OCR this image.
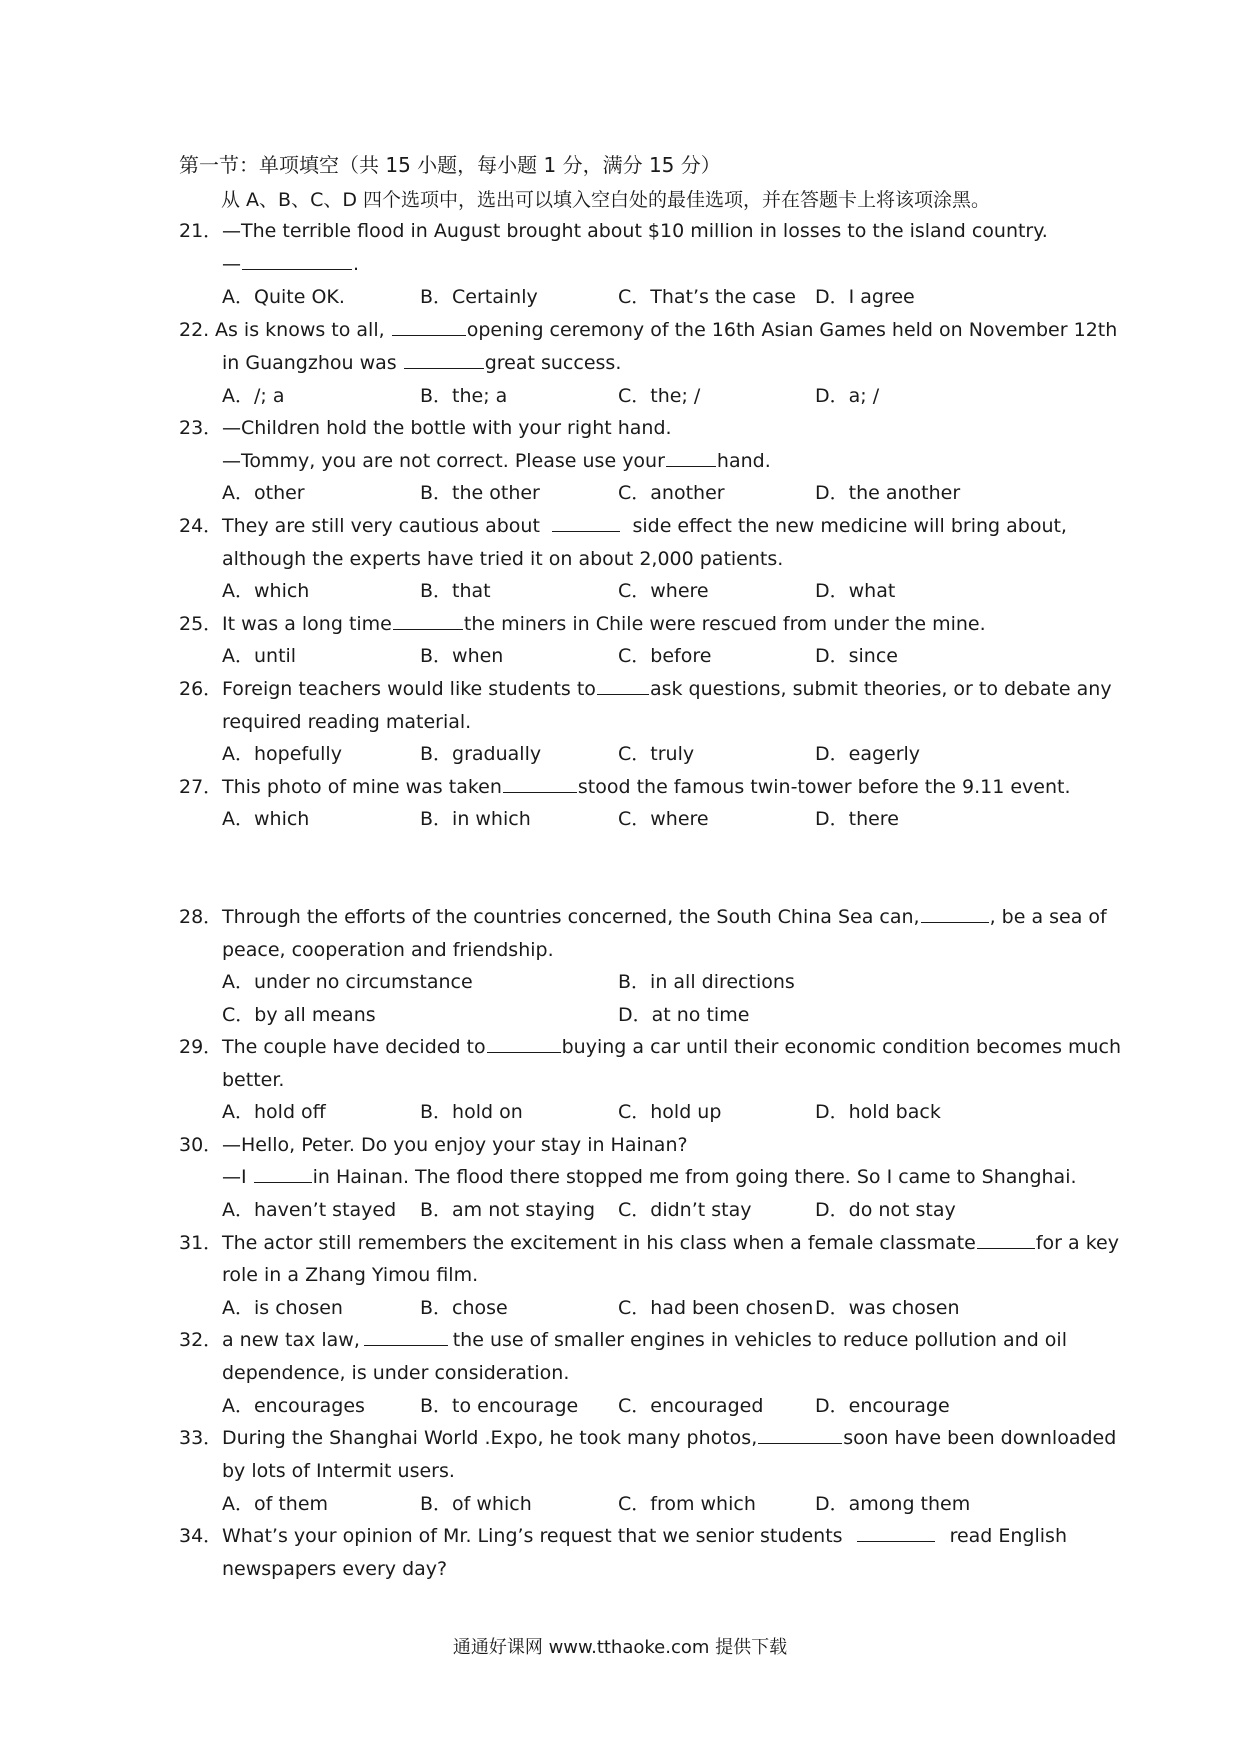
第一节：单项填空（共 15 小题，每小题 1 分，满分 15 分）
从 A、B、C、D 四个选项中，选出可以填入空白处的最佳选项，并在答题卡上将该项涂黑。
21． —The terrible flood in August brought about $10 million in losses to the island country.
—	.
A．Quite OK.	B．Certainly	C．That’s the case D．I agree
22. As is knows to all,	opening ceremony of the 16th Asian Games held on November 12th
in Guangzhou was	great success.
A．/; a	B．the; a	C．the; /	D．a; /
23． —Children hold the bottle with your right hand.
—Tommy, you are not correct. Please use your	hand.
A．other	B．the other	C．another	D．the another
24． They are still very cautious about	side effect the new medicine will bring about,
although the experts have tried it on about 2,000 patients.
A．which	B．that	C．where	D．what
25． It was a long time	the miners in Chile were rescued from under the mine.
A．until	B．when	C．before	D．since
26． Foreign teachers would like students to	ask questions, submit theories, or to debate any
required reading material.
A．hopefully	B．gradually	C．truly	D．eagerly
27． This photo of mine was taken	stood the famous twin-tower before the 9.11 event.
A．which	B．in which	C．where	D．there
28． Through the efforts of the countries concerned, the South China Sea can,	, be a sea of
peace, cooperation and friendship.
A．under no circumstance	B．in all directions
C．by all means	D．at no time
29． The couple have decided to	buying a car until their economic condition becomes much
better.
A．hold off	B．hold on	C．hold up	D．hold back
30． —Hello, Peter. Do you enjoy your stay in Hainan?
—I	in Hainan. The flood there stopped me from going there. So I came to Shanghai.
A．haven’t stayed B．am not staying C．didn’t stay	D．do not stay
31． The actor still remembers the excitement in his class when a female classmate	for a key
role in a Zhang Yimou film.
A．is chosen	B．chose	C．had been chosen D．was chosen
32． a new tax law,	the use of smaller engines in vehicles to reduce pollution and oil
dependence, is under consideration.
A．encourages	B．to encourage C．encouraged	D．encourage
33． During the Shanghai World .Expo, he took many photos,	soon have been downloaded
by lots of Intermit users.
A．of them	B．of which	C．from which	D．among them
34． What’s your opinion of Mr. Ling’s request that we senior students	read English
newspapers every day?
通通好课网 www.tthaoke.com 提供下载
